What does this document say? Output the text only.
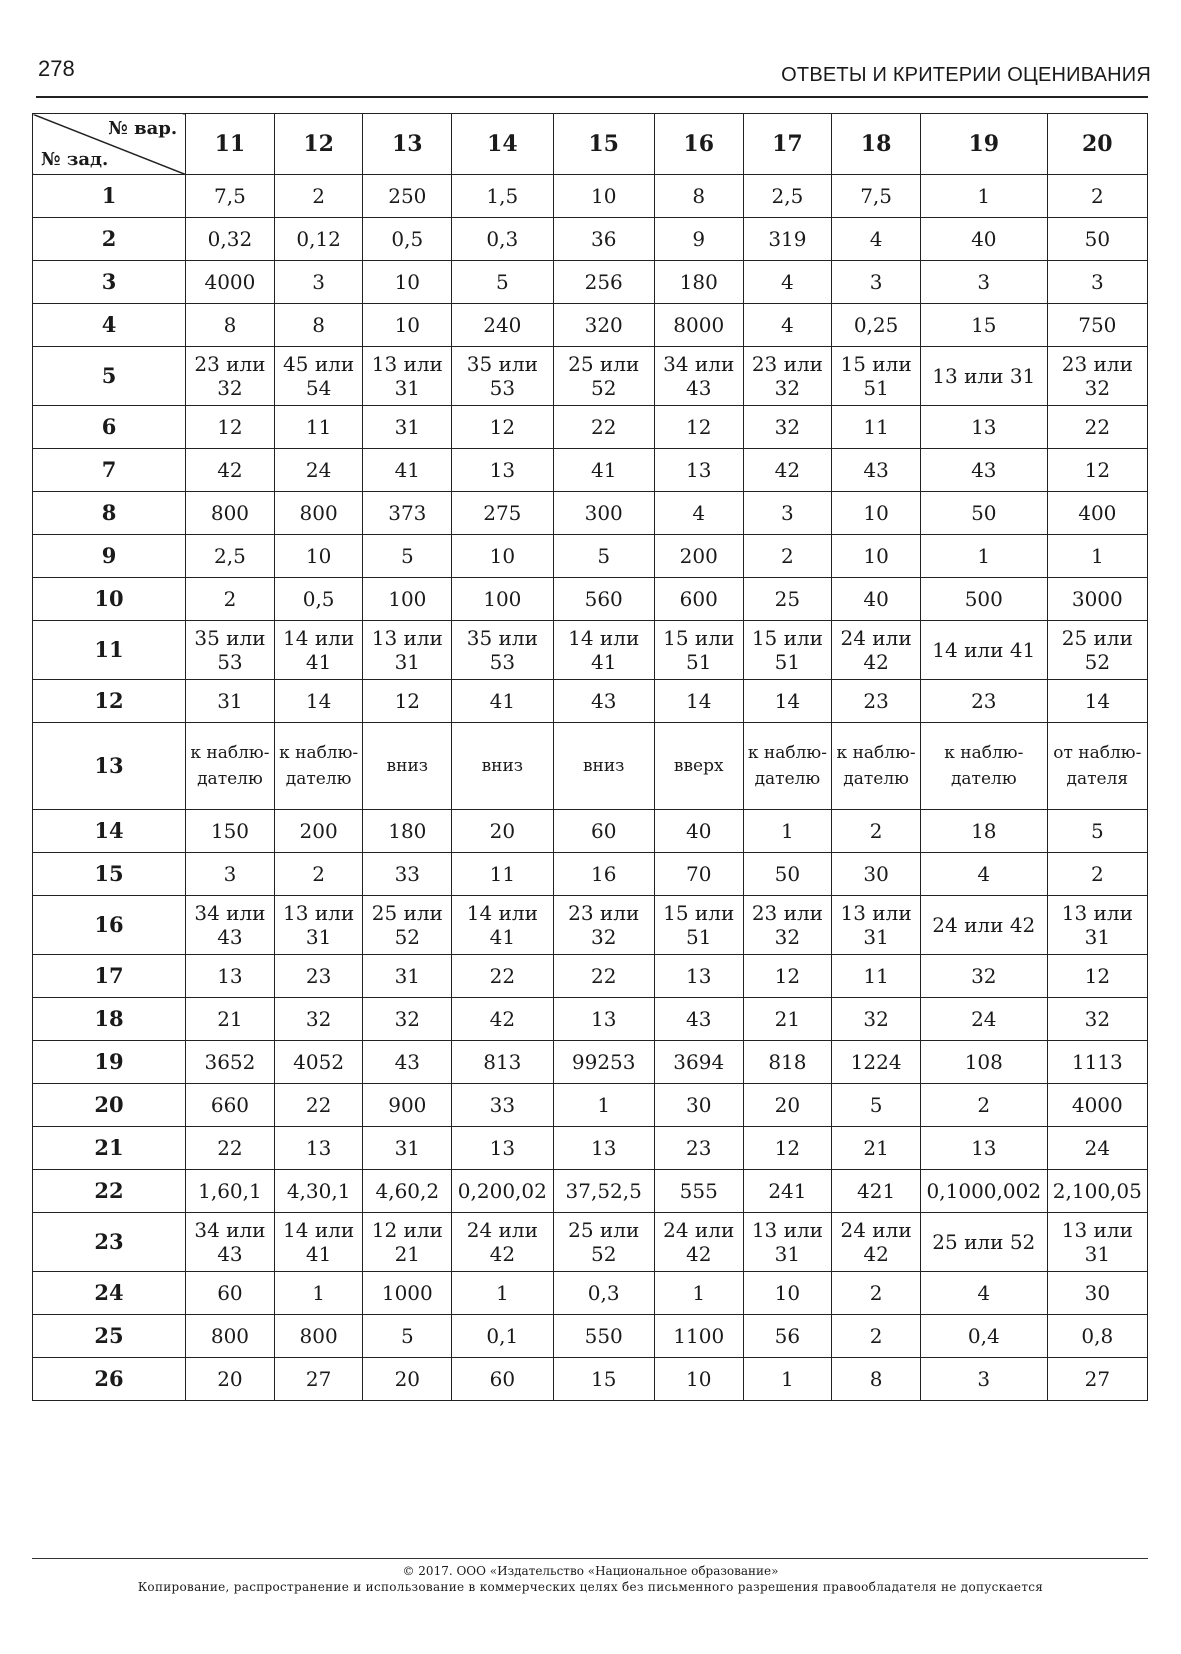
278	ОТВЕТЫ И КРИТЕРИИ ОЦЕНИВАНИЯ
№ вар.
№ зад.	11	12	13	14	15	16	17	18	19	20
1	7,5	2	250	1,5	10	8	2,5	7,5	1	2
2	0,32	0,12	0,5	0,3	36	9	319	4	40	50
3	4000	3	10	5	256	180	4	3	3	3
4	8	8	10	240	320	8000	4	0,25	15	750
5	23 или 32	45 или 54	13 или 31	35 или 53	25 или 52	34 или 43	23 или 32	15 или 51	13 или 31	23 или 32
6	12	11	31	12	22	12	32	11	13	22
7	42	24	41	13	41	13	42	43	43	12
8	800	800	373	275	300	4	3	10	50	400
9	2,5	10	5	10	5	200	2	10	1	1
10	2	0,5	100	100	560	600	25	40	500	3000
11	35 или 53	14 или 41	13 или 31	35 или 53	14 или 41	15 или 51	15 или 51	24 или 42	14 или 41	25 или 52
12	31	14	12	41	43	14	14	23	23	14
13	к наблю-дателю	к наблю-дателю	вниз	вниз	вниз	вверх	к наблю-дателю	к наблю-дателю	к наблю-дателю	от наблю-дателя
14	150	200	180	20	60	40	1	2	18	5
15	3	2	33	11	16	70	50	30	4	2
16	34 или 43	13 или 31	25 или 52	14 или 41	23 или 32	15 или 51	23 или 32	13 или 31	24 или 42	13 или 31
17	13	23	31	22	22	13	12	11	32	12
18	21	32	32	42	13	43	21	32	24	32
19	3652	4052	43	813	99253	3694	818	1224	108	1113
20	660	22	900	33	1	30	20	5	2	4000
21	22	13	31	13	13	23	12	21	13	24
22	1,60,1	4,30,1	4,60,2	0,200,02	37,52,5	555	241	421	0,1000,002	2,100,05
23	34 или 43	14 или 41	12 или 21	24 или 42	25 или 52	24 или 42	13 или 31	24 или 42	25 или 52	13 или 31
24	60	1	1000	1	0,3	1	10	2	4	30
25	800	800	5	0,1	550	1100	56	2	0,4	0,8
26	20	27	20	60	15	10	1	8	3	27
© 2017. ООО «Издательство «Национальное образование»
Копирование, распространение и использование в коммерческих целях без письменного разрешения правообладателя не допускается
